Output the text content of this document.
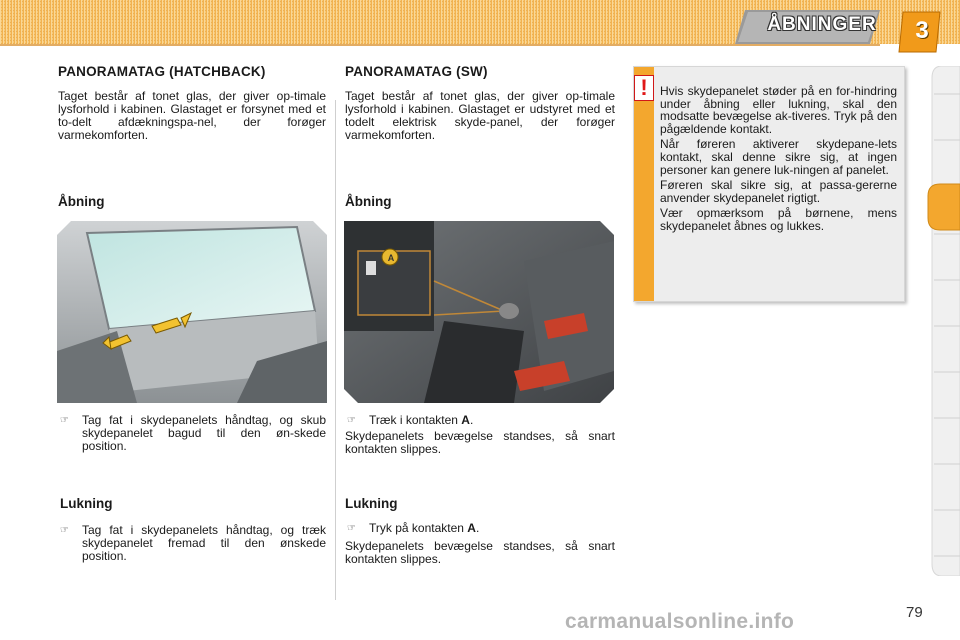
ÅBNINGER	3
PANORAMATAG (HATCHBACK)
Taget består af tonet glas, der giver op-timale lysforhold i kabinen. Glastaget er forsynet med et to-delt afdækningspa-nel, der forøger varmekomforten.
Åbning
☞ Tag fat i skydepanelets håndtag, og skub skydepanelet bagud til den øn-skede position.
Lukning
☞ Tag fat i skydepanelets håndtag, og træk skydepanelet fremad til den ønskede position.
PANORAMATAG (SW)
Taget består af tonet glas, der giver op-timale lysforhold i kabinen. Glastaget er udstyret med et todelt elektrisk skyde-panel, der forøger varmekomforten.
Åbning
A
☞ Træk i kontakten A.
Skydepanelets bevægelse standses, så snart kontakten slippes.
Lukning
☞ Tryk på kontakten A.
Skydepanelets bevægelse standses, så snart kontakten slippes.
!	Hvis skydepanelet støder på en for-hindring under åbning eller lukning, skal den modsatte bevægelse ak-tiveres. Tryk på den pågældende kontakt.

Når føreren aktiverer skydepane-lets kontakt, skal denne sikre sig, at ingen personer kan genere luk-ningen af panelet.

Føreren skal sikre sig, at passa-gererne anvender skydepanelet rigtigt.

Vær opmærksom på børnene, mens skydepanelet åbnes og lukkes.

79
carmanualsonline.info
